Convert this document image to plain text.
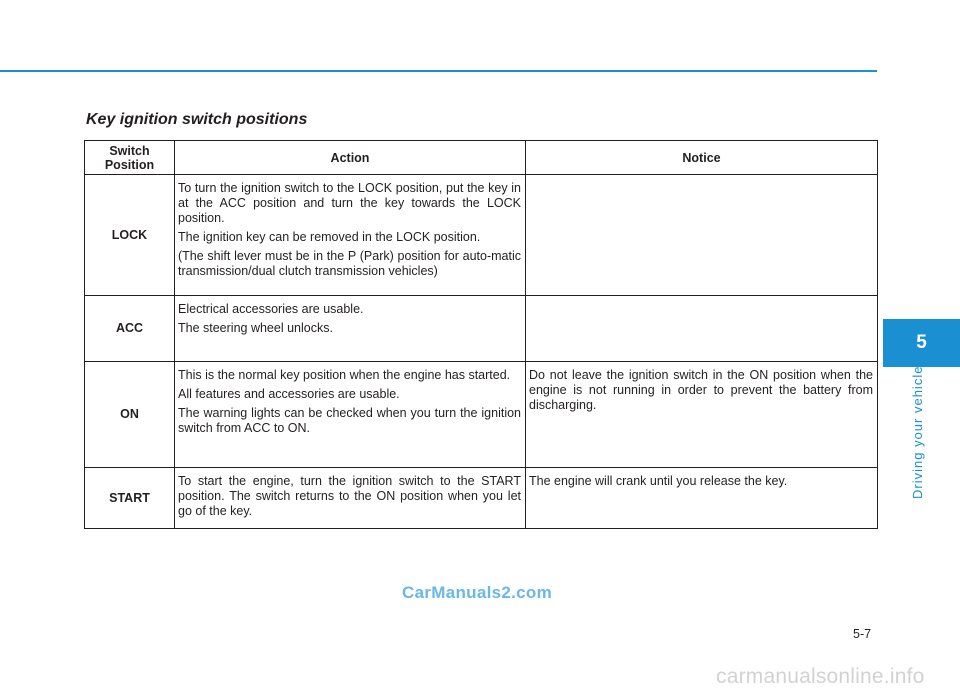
Key ignition switch positions
Switch
Position	Action	Notice
LOCK	To turn the ignition switch to the LOCK position, put the key in at the ACC position and turn the key towards the LOCK position.

The ignition key can be removed in the LOCK position.

(The shift lever must be in the P (Park) position for auto-matic transmission/dual clutch transmission vehicles)	

ACC	Electrical accessories are usable.

The steering wheel unlocks.	

ON	This is the normal key position when the engine has started.

All features and accessories are usable.

The warning lights can be checked when you turn the ignition switch from ACC to ON.	Do not leave the ignition switch in the ON position when the engine is not running in order to prevent the battery from discharging.
START	To start the engine, turn the ignition switch to the START position. The switch returns to the ON position when you let go of the key.	The engine will crank until you release the key.
5
Driving your vehicle
CarManuals2.com
5-7
carmanualsonline.info
